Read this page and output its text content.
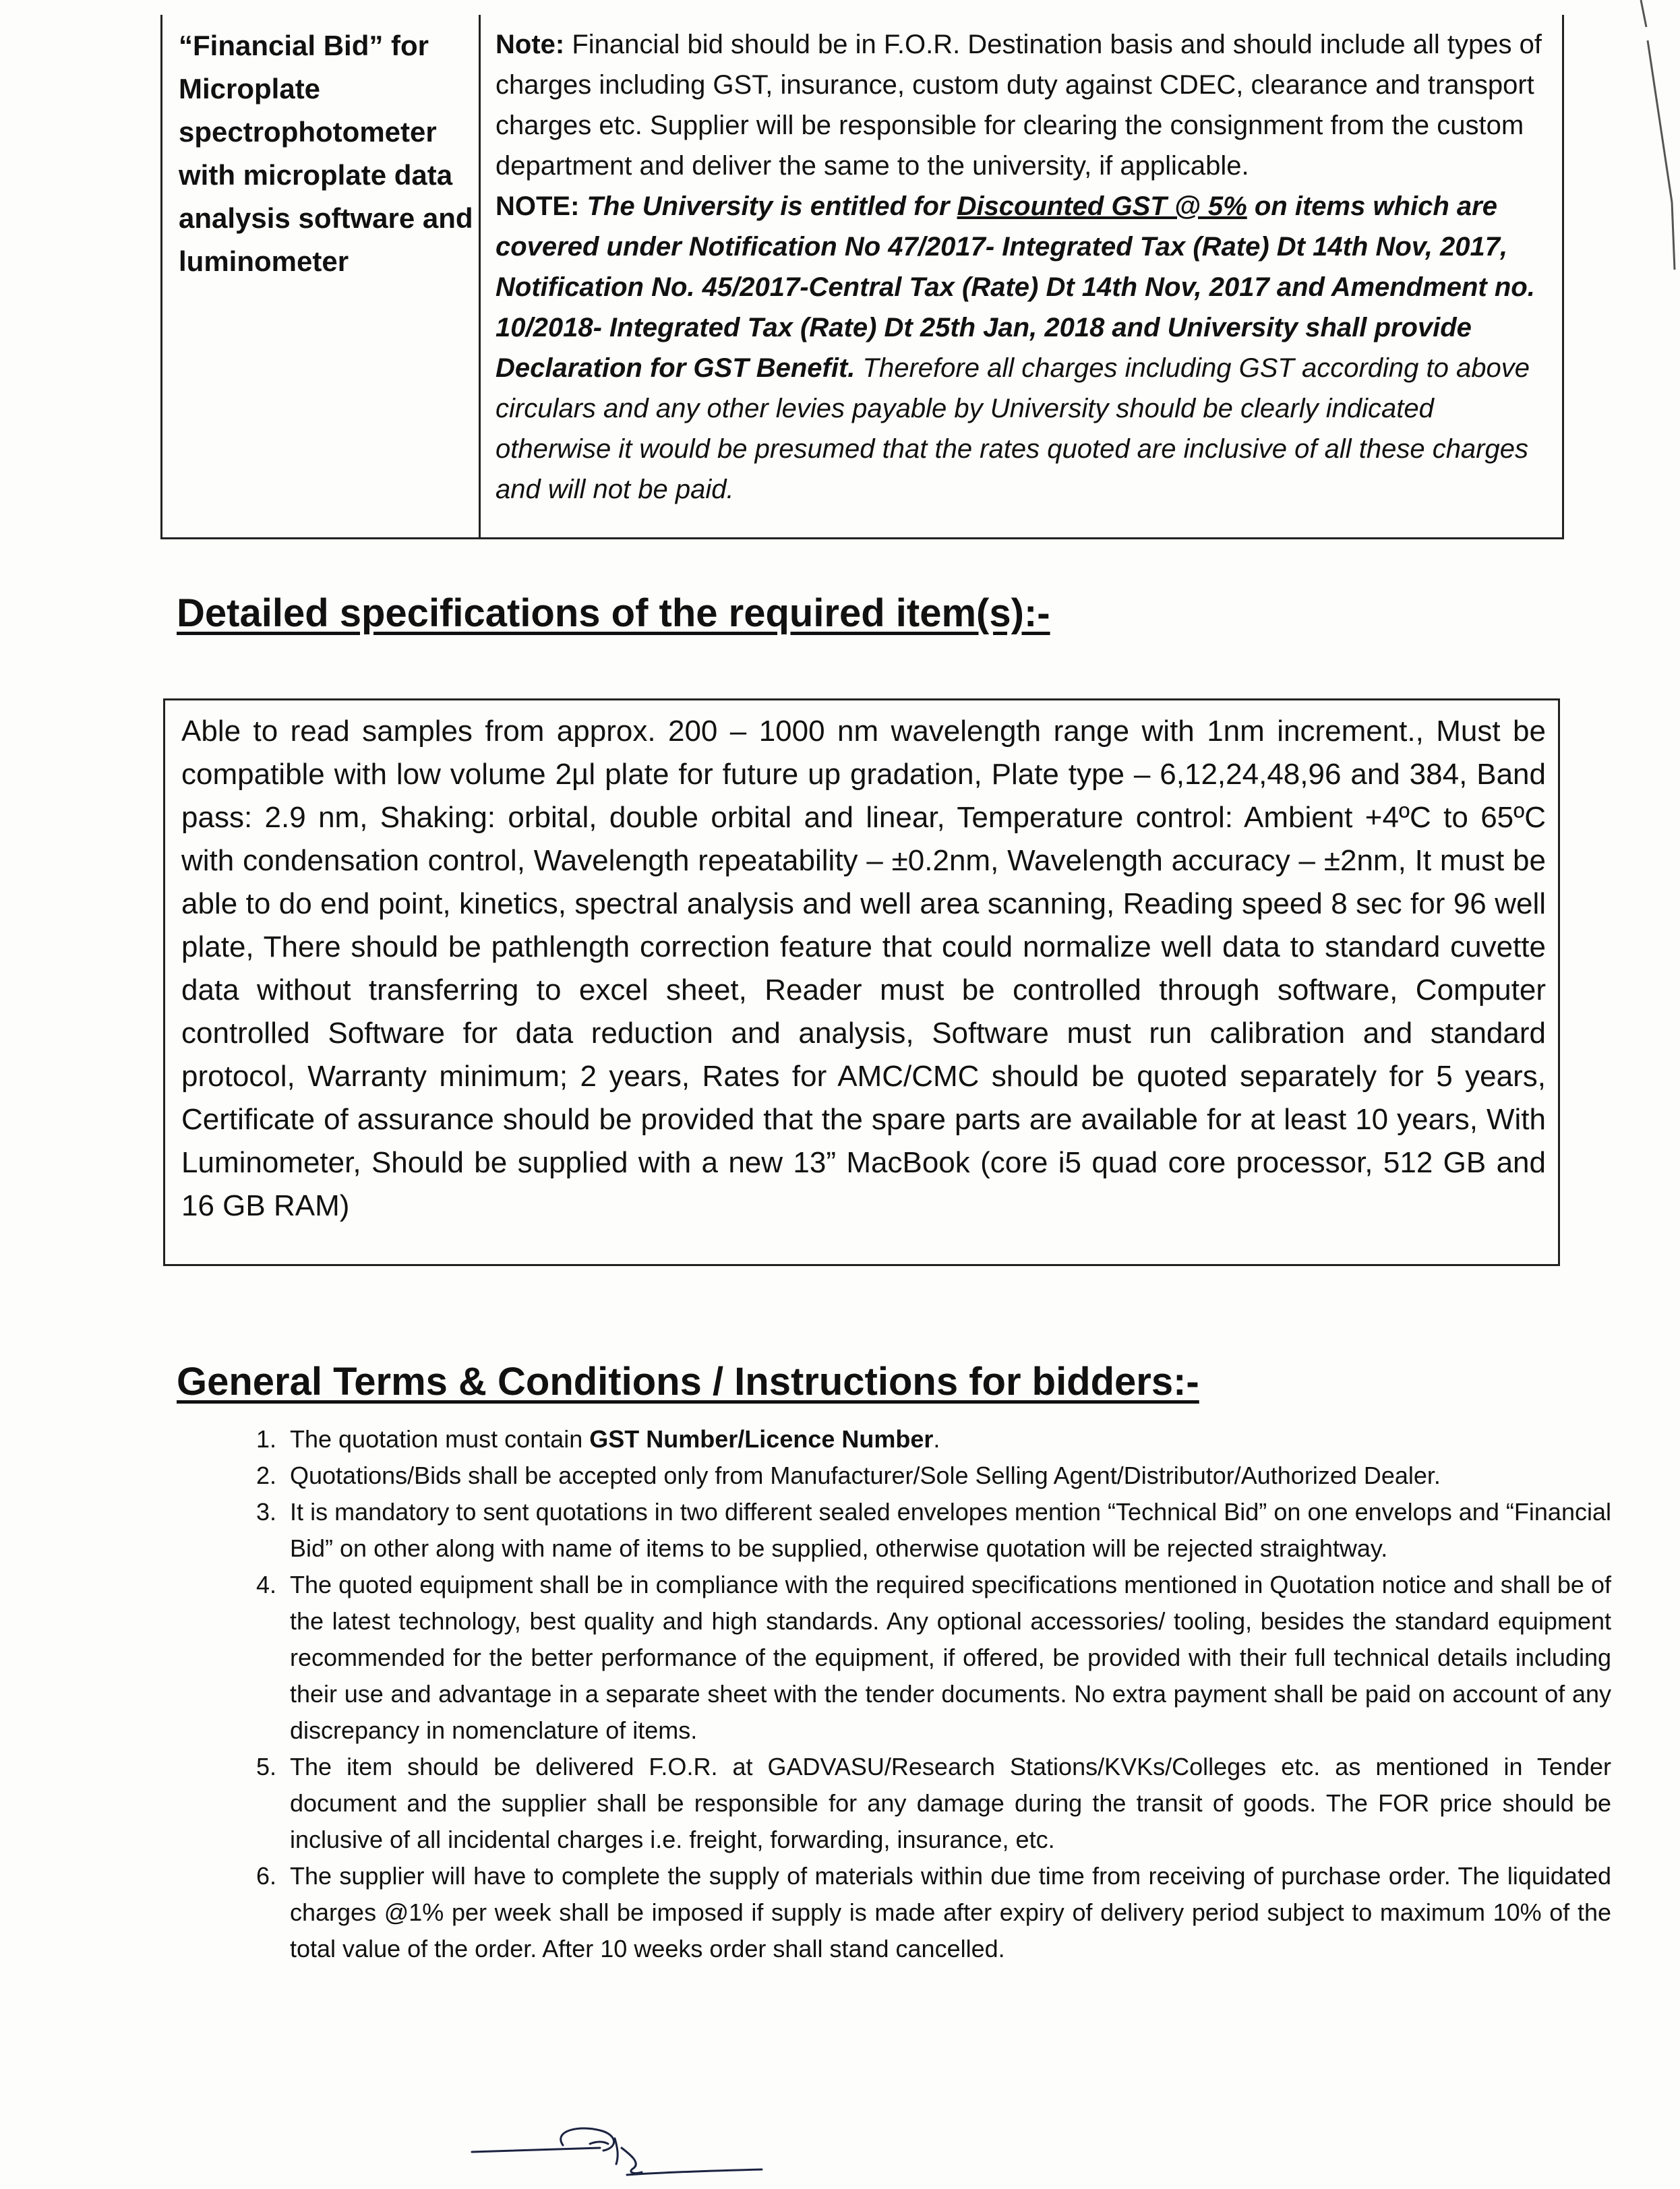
“Financial Bid” for Microplate spectrophotometer with microplate data analysis software and luminometer
Note: Financial bid should be in F.O.R. Destination basis and should include all types of charges including GST, insurance, custom duty against CDEC, clearance and transport charges etc. Supplier will be responsible for clearing the consignment from the custom department and deliver the same to the university, if applicable.
NOTE: The University is entitled for Discounted GST @ 5% on items which are covered under Notification No 47/2017- Integrated Tax (Rate) Dt 14th Nov, 2017, Notification No. 45/2017-Central Tax (Rate) Dt 14th Nov, 2017 and Amendment no. 10/2018- Integrated Tax (Rate) Dt 25th Jan, 2018 and University shall provide Declaration for GST Benefit. Therefore all charges including GST according to above circulars and any other levies payable by University should be clearly indicated otherwise it would be presumed that the rates quoted are inclusive of all these charges and will not be paid.
Detailed specifications of the required item(s):-
Able to read samples from approx. 200 – 1000 nm wavelength range with 1nm increment., Must be compatible with low volume 2µl plate for future up gradation, Plate type – 6,12,24,48,96 and 384, Band pass: 2.9 nm, Shaking: orbital, double orbital and linear, Temperature control: Ambient +4ºC to 65ºC with condensation control, Wavelength repeatability – ±0.2nm, Wavelength accuracy – ±2nm, It must be able to do end point, kinetics, spectral analysis and well area scanning, Reading speed 8 sec for 96 well plate, There should be pathlength correction feature that could normalize well data to standard cuvette data without transferring to excel sheet, Reader must be controlled through software, Computer controlled Software for data reduction and analysis, Software must run calibration and standard protocol, Warranty minimum; 2 years, Rates for AMC/CMC should be quoted separately for 5 years, Certificate of assurance should be provided that the spare parts are available for at least 10 years, With Luminometer, Should be supplied with a new 13” MacBook (core i5 quad core processor, 512 GB and 16 GB RAM)
General Terms & Conditions / Instructions for bidders:-
1. The quotation must contain GST Number/Licence Number.
2. Quotations/Bids shall be accepted only from Manufacturer/Sole Selling Agent/Distributor/Authorized Dealer.
3. It is mandatory to sent quotations in two different sealed envelopes mention “Technical Bid” on one envelops and “Financial Bid” on other along with name of items to be supplied, otherwise quotation will be rejected straightway.
4. The quoted equipment shall be in compliance with the required specifications mentioned in Quotation notice and shall be of the latest technology, best quality and high standards. Any optional accessories/ tooling, besides the standard equipment recommended for the better performance of the equipment, if offered, be provided with their full technical details including their use and advantage in a separate sheet with the tender documents. No extra payment shall be paid on account of any discrepancy in nomenclature of items.
5. The item should be delivered F.O.R. at GADVASU/Research Stations/KVKs/Colleges etc. as mentioned in Tender document and the supplier shall be responsible for any damage during the transit of goods. The FOR price should be inclusive of all incidental charges i.e. freight, forwarding, insurance, etc.
6. The supplier will have to complete the supply of materials within due time from receiving of purchase order. The liquidated charges @1% per week shall be imposed if supply is made after expiry of delivery period subject to maximum 10% of the total value of the order. After 10 weeks order shall stand cancelled.
